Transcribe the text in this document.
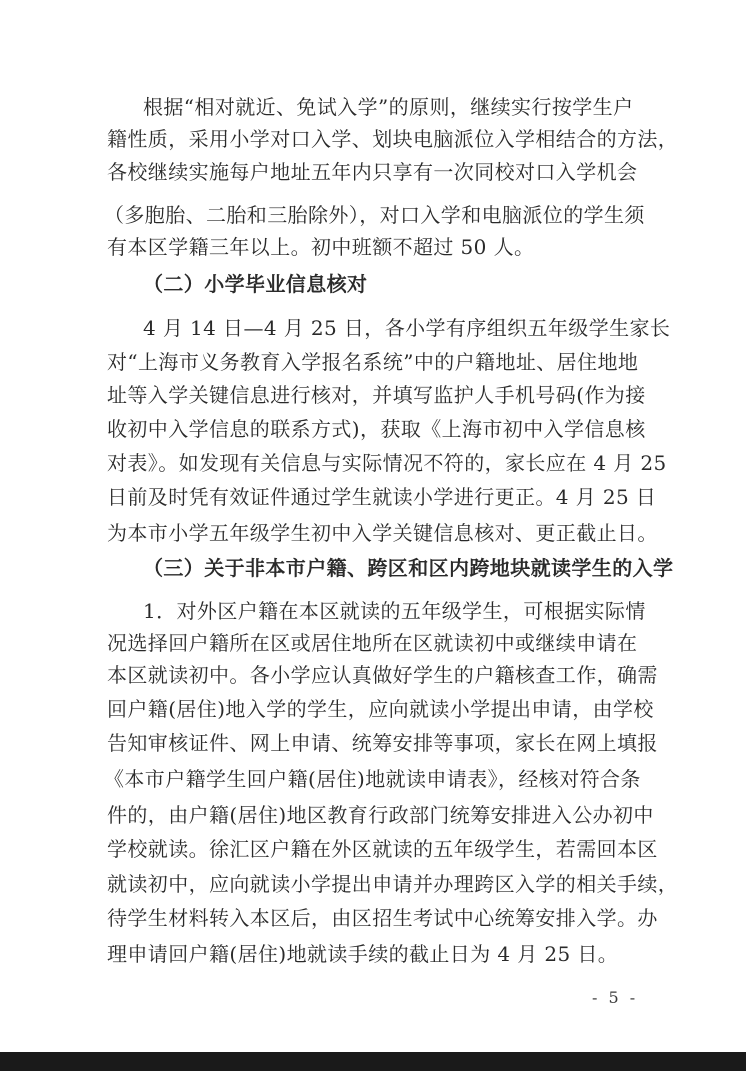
根据“相对就近、免试入学”的原则，继续实行按学生户
籍性质，采用小学对口入学、划块电脑派位入学相结合的方法，
各校继续实施每户地址五年内只享有一次同校对口入学机会
（多胞胎、二胎和三胎除外），对口入学和电脑派位的学生须
有本区学籍三年以上。初中班额不超过 50 人。
（二）小学毕业信息核对
4 月 14 日—4 月 25 日，各小学有序组织五年级学生家长
对“上海市义务教育入学报名系统”中的户籍地址、居住地地
址等入学关键信息进行核对，并填写监护人手机号码(作为接
收初中入学信息的联系方式)，获取《上海市初中入学信息核
对表》。如发现有关信息与实际情况不符的，家长应在 4 月 25
日前及时凭有效证件通过学生就读小学进行更正。4 月 25 日
为本市小学五年级学生初中入学关键信息核对、更正截止日。
（三）关于非本市户籍、跨区和区内跨地块就读学生的入学
1．对外区户籍在本区就读的五年级学生，可根据实际情
况选择回户籍所在区或居住地所在区就读初中或继续申请在
本区就读初中。各小学应认真做好学生的户籍核查工作，确需
回户籍(居住)地入学的学生，应向就读小学提出申请，由学校
告知审核证件、网上申请、统筹安排等事项，家长在网上填报
《本市户籍学生回户籍(居住)地就读申请表》，经核对符合条
件的，由户籍(居住)地区教育行政部门统筹安排进入公办初中
学校就读。徐汇区户籍在外区就读的五年级学生，若需回本区
就读初中，应向就读小学提出申请并办理跨区入学的相关手续，
待学生材料转入本区后，由区招生考试中心统筹安排入学。办
理申请回户籍(居住)地就读手续的截止日为 4 月 25 日。
- 5 -
